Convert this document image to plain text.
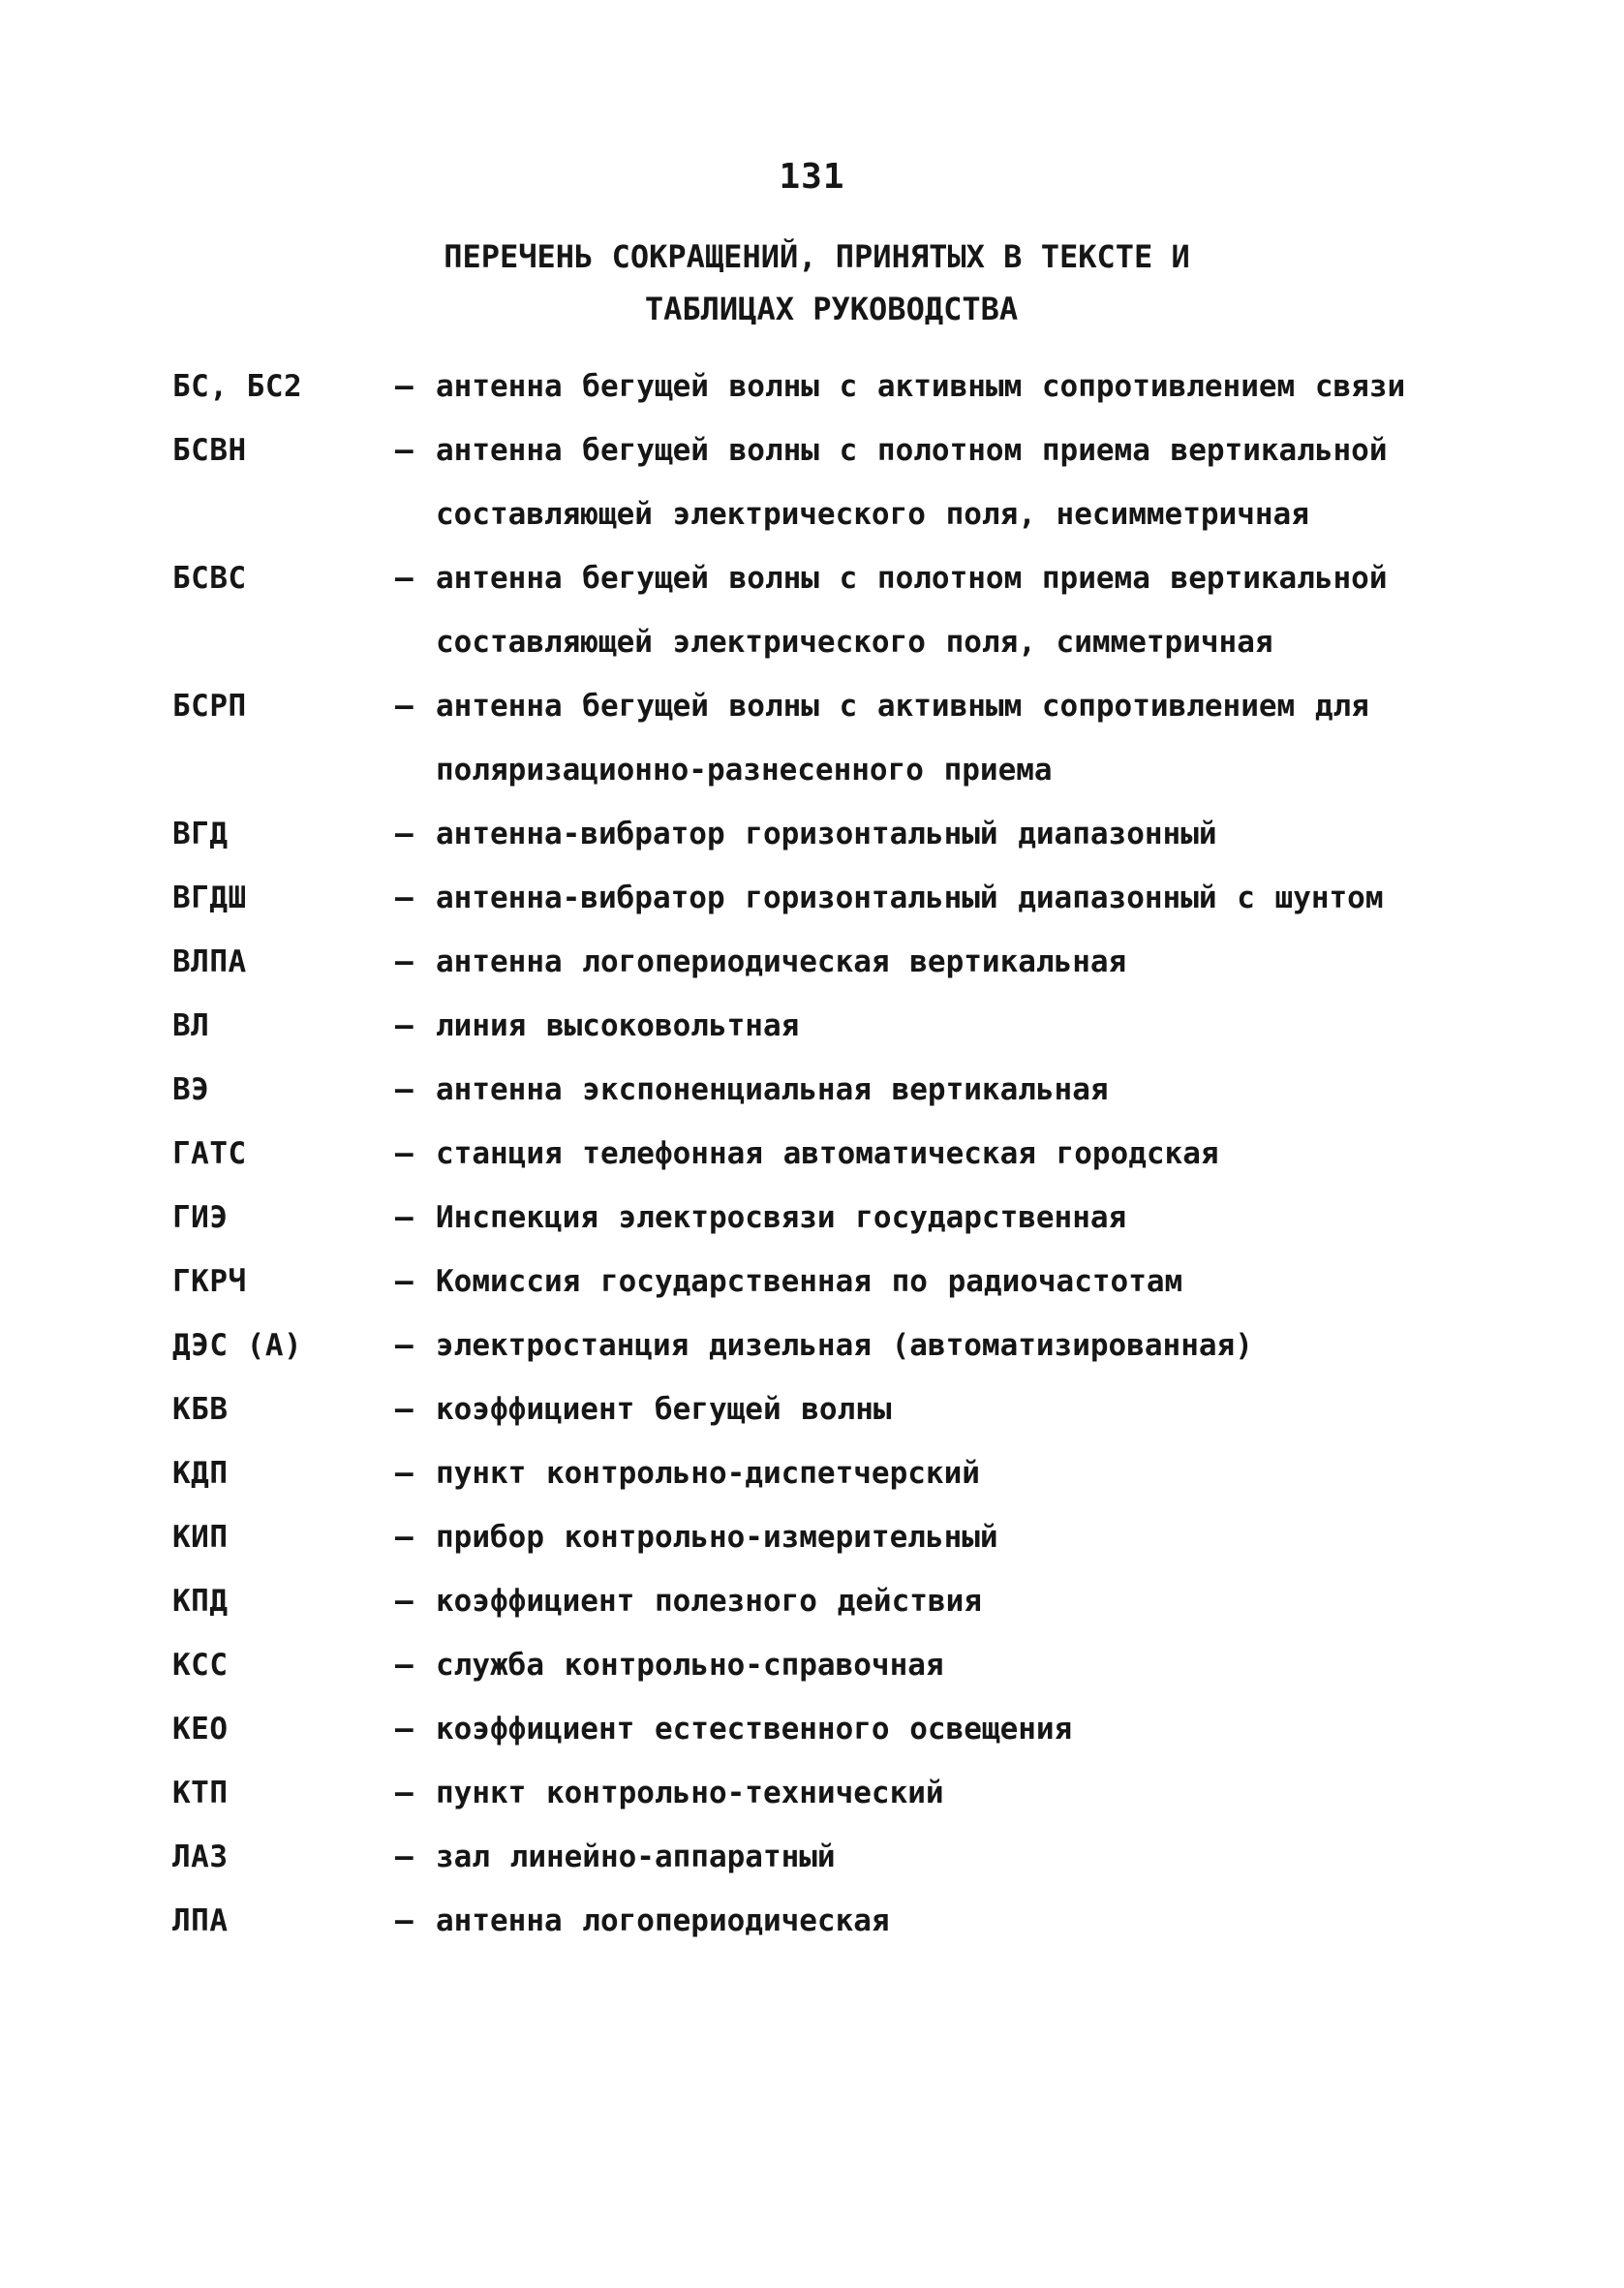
131
ПЕРЕЧЕНЬ СОКРАЩЕНИЙ, ПРИНЯТЫХ В ТЕКСТЕ И
ТАБЛИЦАХ РУКОВОДСТВА
БС, БС2	– антенна бегущей волны с активным сопротивлением связи
БСВН	– антенна бегущей волны с полотном приема вертикальной составляющей электрического поля, несимметричная
БСВС	– антенна бегущей волны с полотном приема вертикальной составляющей электрического поля, симметричная
БСРП	– антенна бегущей волны с активным сопротивлением для поляризационно-разнесенного приема
ВГД	– антенна-вибратор горизонтальный диапазонный
ВГДШ	– антенна-вибратор горизонтальный диапазонный с шунтом
ВЛПА	– антенна логопериодическая вертикальная
ВЛ	– линия высоковольтная
ВЭ	– антенна экспоненциальная вертикальная
ГАТС	– станция телефонная автоматическая городская
ГИЭ	– Инспекция электросвязи государственная
ГКРЧ	– Комиссия государственная по радиочастотам
ДЭС (А)	– электростанция дизельная (автоматизированная)
КБВ	– коэффициент бегущей волны
КДП	– пункт контрольно-диспетчерский
КИП	– прибор контрольно-измерительный
КПД	– коэффициент полезного действия
КСС	– служба контрольно-справочная
КЕО	– коэффициент естественного освещения
КТП	– пункт контрольно-технический
ЛАЗ	– зал линейно-аппаратный
ЛПА	– антенна логопериодическая
